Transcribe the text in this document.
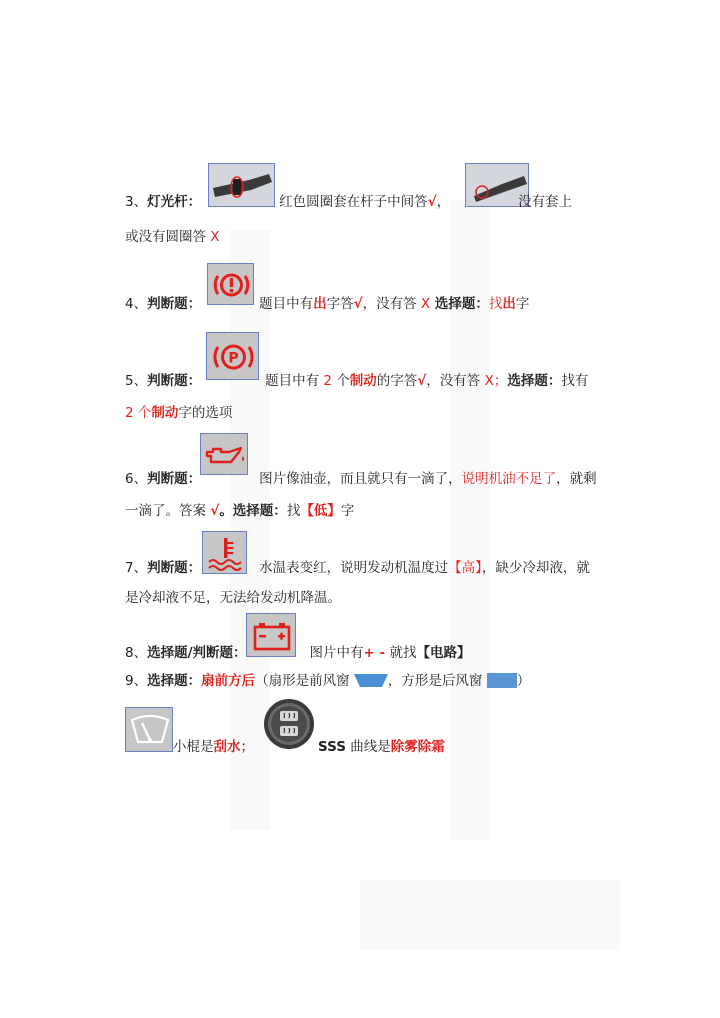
3、灯光杆：	红色圆圈套在杆子中间答√，	没有套上
或没有圆圈答 X
4、判断题：	题目中有出字答√，没有答 X 选择题：找出字
P
5、判断题：	题目中有 2 个制动的字答√，没有答 X；选择题：找有
2 个制动字的选项
6、判断题：	图片像油壶，而且就只有一滴了，说明机油不足了，就剩
一滴了。答案 √。选择题：找【低】字
7、判断题：	水温表变红，说明发动机温度过【高】，缺少冷却液，就
是冷却液不足，无法给发动机降温。
8、选择题/判断题：	图片中有+ - 就找【电路】
9、选择题：扇前方后（扇形是前风窗	，方形是后风窗 ）
小棍是刮水；	SSS 曲线是除雾除霜
